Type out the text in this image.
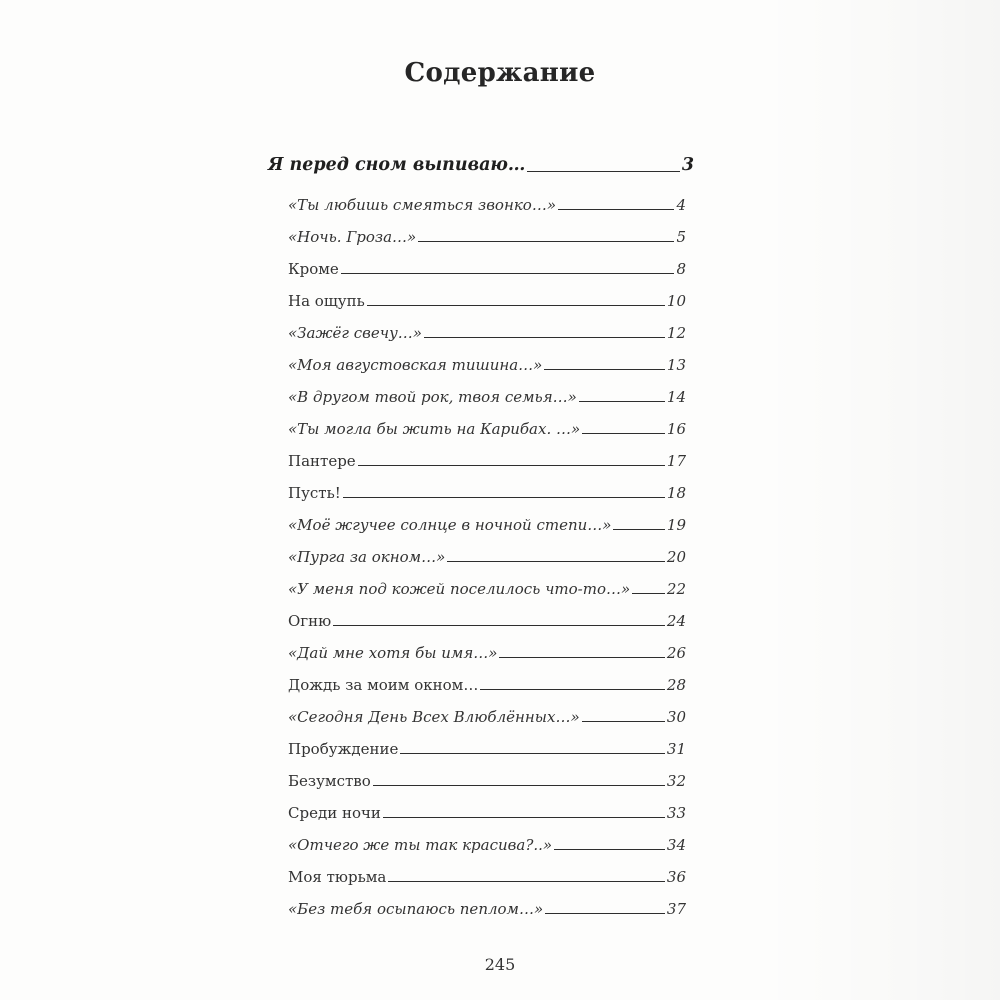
Содержание
Я перед сном выпиваю…	3
«Ты любишь смеяться звонко…»	4
«Ночь. Гроза…»	5
Кроме	8
На ощупь	10
«Зажёг свечу…»	12
«Моя августовская тишина…»	13
«В другом твой рок, твоя семья…»	14
«Ты могла бы жить на Карибах. …»	16
Пантере	17
Пусть!	18
«Моё жгучее солнце в ночной степи…»	19
«Пурга за окном…»	20
«У меня под кожей поселилось что-то…» 22
Огню	24
«Дай мне хотя бы имя…»	26
Дождь за моим окном…	28
«Сегодня День Всех Влюблённых…»	30
Пробуждение	31
Безумство	32
Среди ночи	33
«Отчего же ты так красива?..»	34
Моя тюрьма	36
«Без тебя осыпаюсь пеплом…»	37
245
